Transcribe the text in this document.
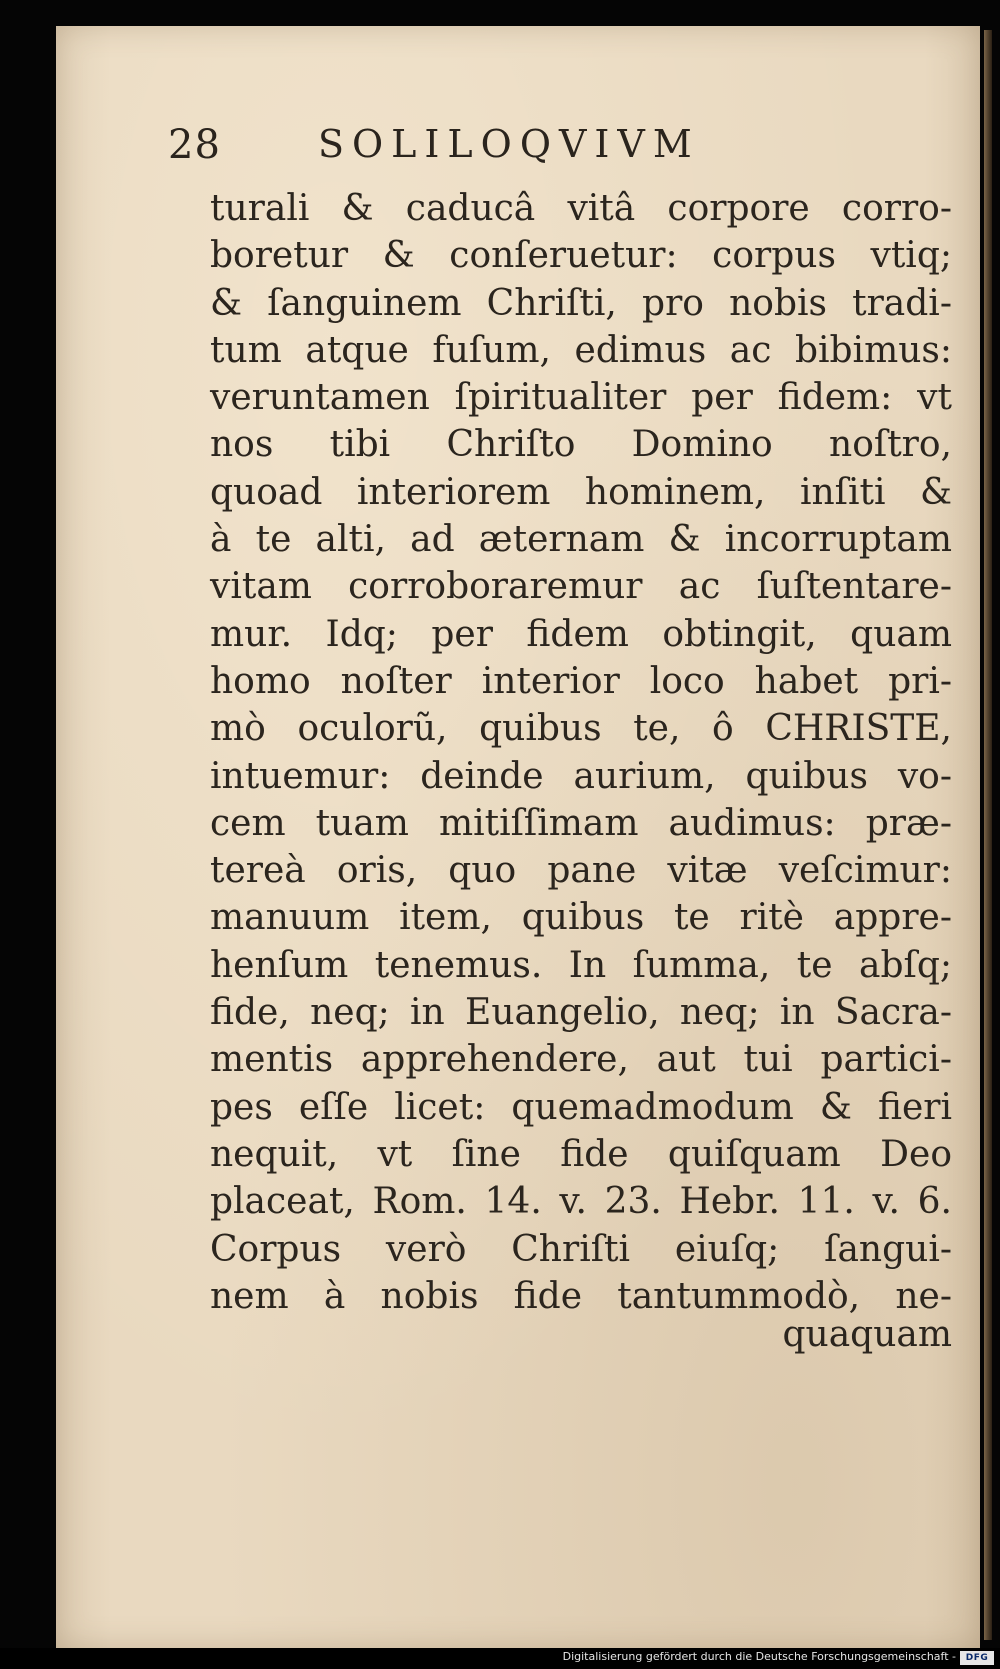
28	SOLILOQVIVM
turali & caducâ vitâ corpore corro-
boretur & conſeruetur: corpus vtiq;
& ſanguinem Chriſti, pro nobis tradi-
tum atque fuſum, edimus ac bibimus:
veruntamen ſpiritualiter per fidem: vt
nos tibi Chriſto Domino noſtro,
quoad interiorem hominem, inſiti &
à te alti, ad æternam & incorruptam
vitam corroboraremur ac ſuſtentare-
mur. Idq; per fidem obtingit, quam
homo noſter interior loco habet pri-
mò oculorũ, quibus te, ô CHRISTE,
intuemur: deinde aurium, quibus vo-
cem tuam mitiſſimam audimus: præ-
tereà oris, quo pane vitæ veſcimur:
manuum item, quibus te ritè appre-
henſum tenemus. In ſumma, te abſq;
fide, neq; in Euangelio, neq; in Sacra-
mentis apprehendere, aut tui partici-
pes eſſe licet: quemadmodum & fieri
nequit, vt ſine fide quiſquam Deo
placeat, Rom. 14. v. 23. Hebr. 11. v. 6.
Corpus verò Chriſti eiuſq; ſangui-
nem à nobis fide tantummodò, ne-
quaquam
Digitalisierung gefördert durch die Deutsche Forschungsgemeinschaft -	DFG
